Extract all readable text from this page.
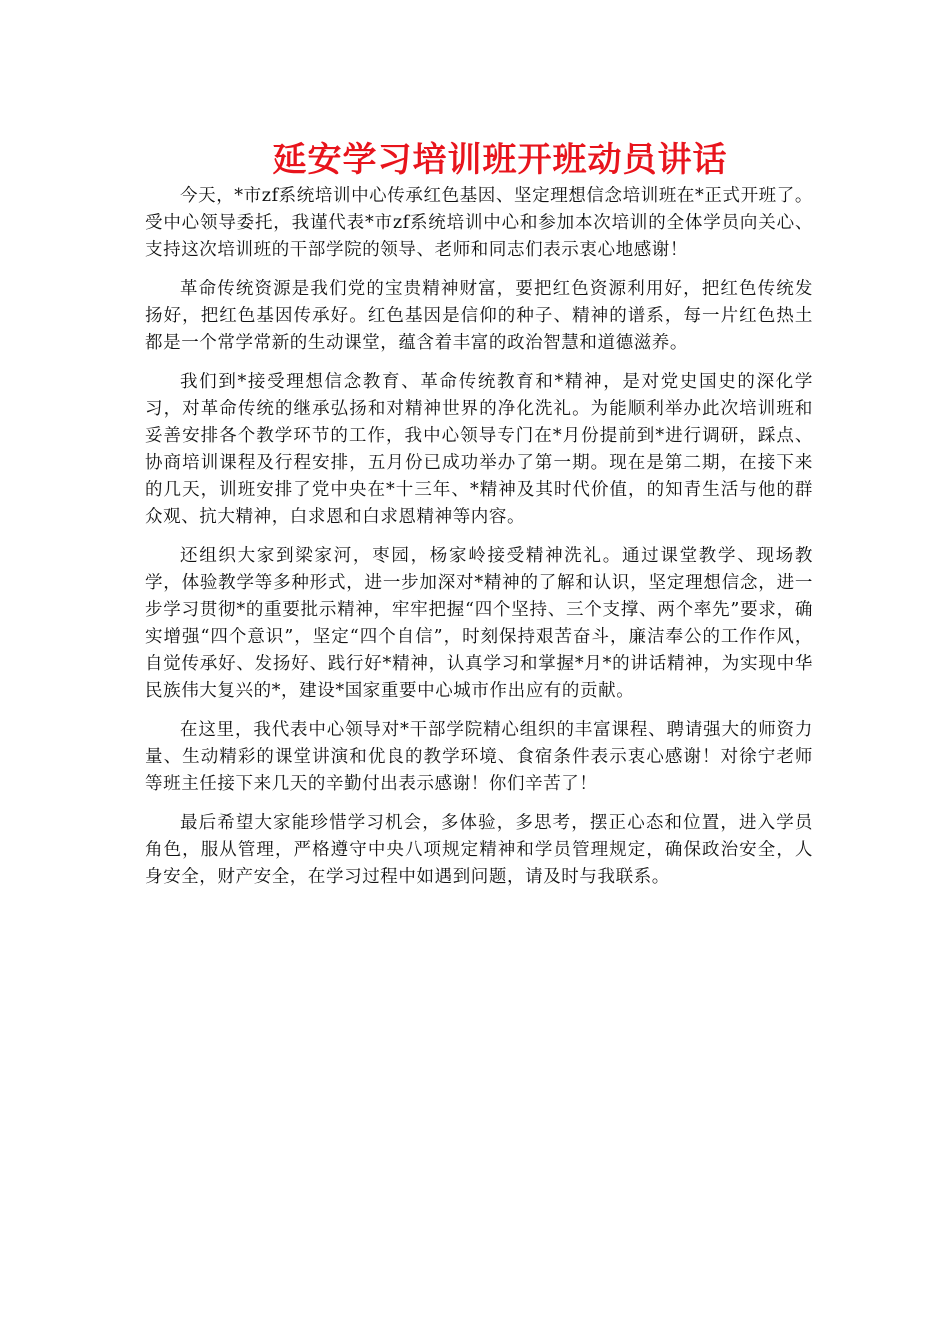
延安学习培训班开班动员讲话

今天，*市zf系统培训中心传承红色基因、坚定理想信念培训班在*正式开班了。受中心领导委托，我谨代表*市zf系统培训中心和参加本次培训的全体学员向关心、支持这次培训班的干部学院的领导、老师和同志们表示衷心地感谢！

革命传统资源是我们党的宝贵精神财富，要把红色资源利用好，把红色传统发扬好，把红色基因传承好。红色基因是信仰的种子、精神的谱系，每一片红色热土都是一个常学常新的生动课堂，蕴含着丰富的政治智慧和道德滋养。

我们到*接受理想信念教育、革命传统教育和*精神，是对党史国史的深化学习，对革命传统的继承弘扬和对精神世界的净化洗礼。为能顺利举办此次培训班和妥善安排各个教学环节的工作，我中心领导专门在*月份提前到*进行调研，踩点、协商培训课程及行程安排，五月份已成功举办了第一期。现在是第二期，在接下来的几天，训班安排了党中央在*十三年、*精神及其时代价值，的知青生活与他的群众观、抗大精神，白求恩和白求恩精神等内容。

还组织大家到梁家河，枣园，杨家岭接受精神洗礼。通过课堂教学、现场教学，体验教学等多种形式，进一步加深对*精神的了解和认识，坚定理想信念，进一步学习贯彻*的重要批示精神，牢牢把握“四个坚持、三个支撑、两个率先”要求，确实增强“四个意识”，坚定“四个自信”，时刻保持艰苦奋斗，廉洁奉公的工作作风，自觉传承好、发扬好、践行好*精神，认真学习和掌握*月*的讲话精神，为实现中华民族伟大复兴的*，建设*国家重要中心城市作出应有的贡献。

在这里，我代表中心领导对*干部学院精心组织的丰富课程、聘请强大的师资力量、生动精彩的课堂讲演和优良的教学环境、食宿条件表示衷心感谢！对徐宁老师等班主任接下来几天的辛勤付出表示感谢！你们辛苦了！

最后希望大家能珍惜学习机会，多体验，多思考，摆正心态和位置，进入学员角色，服从管理，严格遵守中央八项规定精神和学员管理规定，确保政治安全，人身安全，财产安全，在学习过程中如遇到问题，请及时与我联系。
